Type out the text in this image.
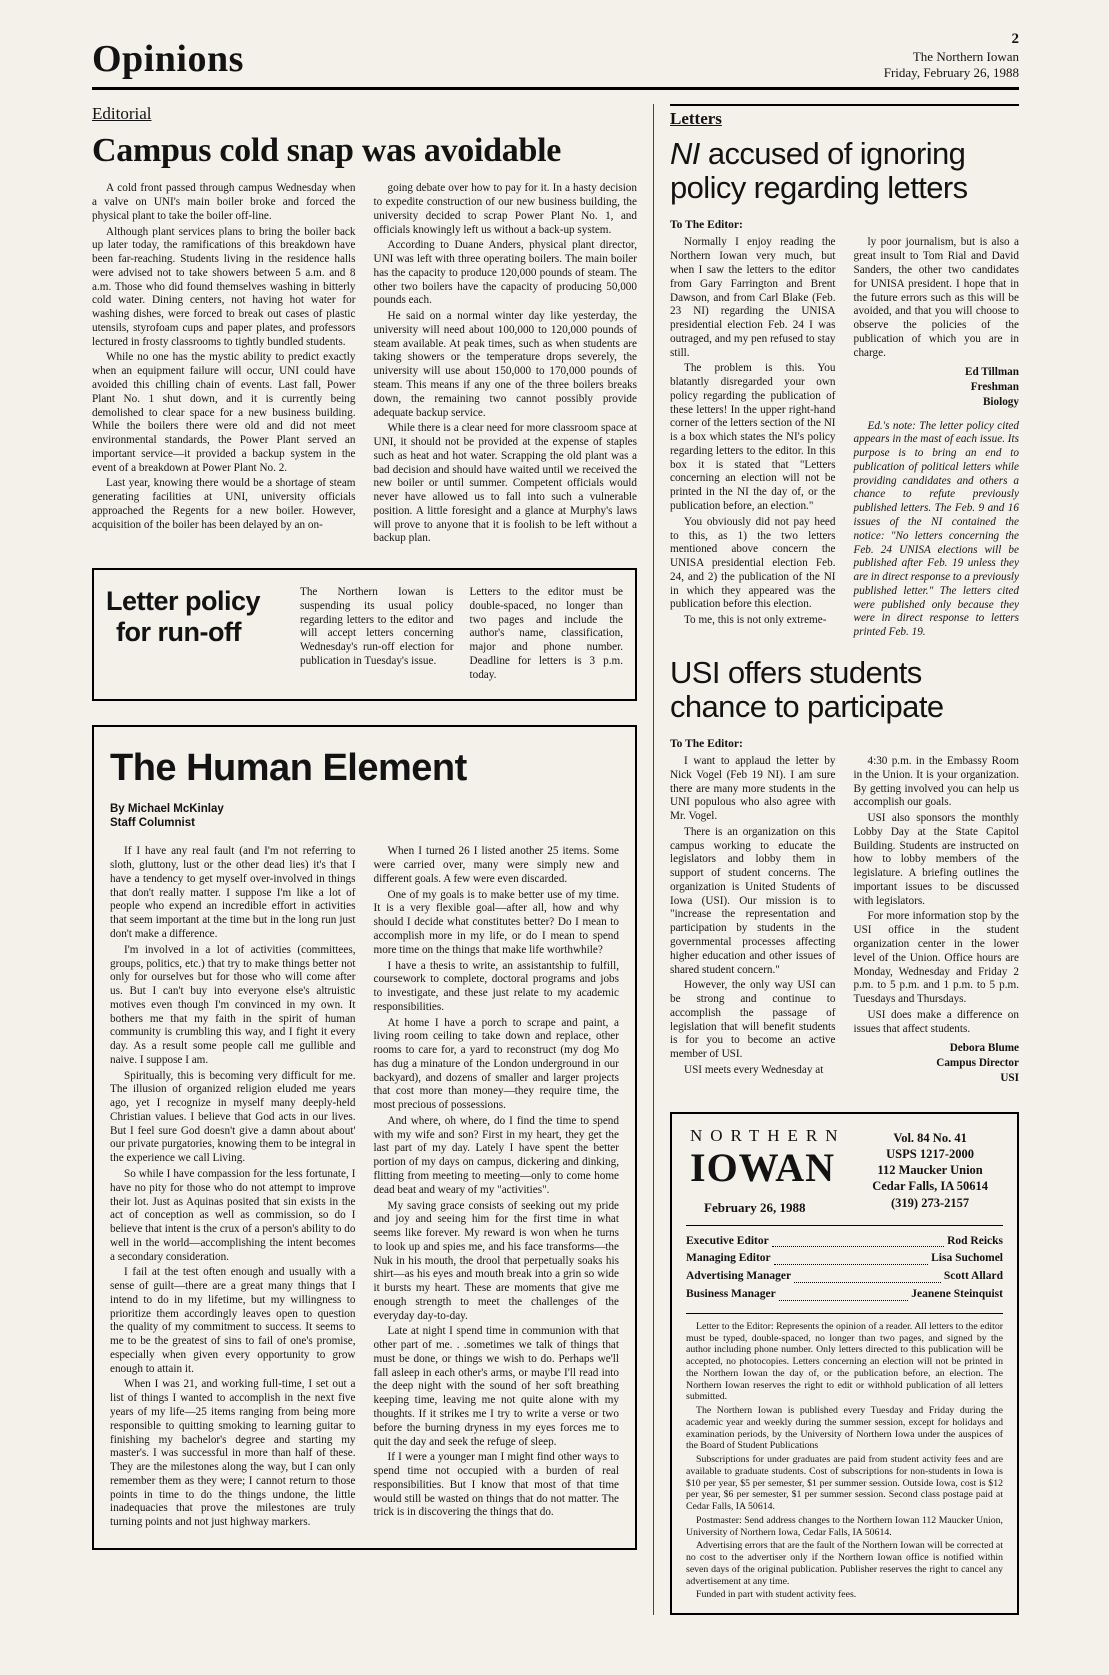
Opinions	2
The Northern Iowan
Friday, February 26, 1988
Editorial
Campus cold snap was avoidable

A cold front passed through campus Wednesday when a valve on UNI's main boiler broke and forced the physical plant to take the boiler off-line.

Although plant services plans to bring the boiler back up later today, the ramifications of this breakdown have been far-reaching. Students living in the residence halls were advised not to take showers between 5 a.m. and 8 a.m. Those who did found themselves washing in bitterly cold water. Dining centers, not having hot water for washing dishes, were forced to break out cases of plastic utensils, styrofoam cups and paper plates, and professors lectured in frosty classrooms to tightly bundled students.

While no one has the mystic ability to predict exactly when an equipment failure will occur, UNI could have avoided this chilling chain of events. Last fall, Power Plant No. 1 shut down, and it is currently being demolished to clear space for a new business building. While the boilers there were old and did not meet environmental standards, the Power Plant served an important service—it provided a backup system in the event of a breakdown at Power Plant No. 2.

Last year, knowing there would be a shortage of steam generating facilities at UNI, university officials approached the Regents for a new boiler. However, acquisition of the boiler has been delayed by an on-

going debate over how to pay for it. In a hasty decision to expedite construction of our new business building, the university decided to scrap Power Plant No. 1, and officials knowingly left us without a back-up system.

According to Duane Anders, physical plant director, UNI was left with three operating boilers. The main boiler has the capacity to produce 120,000 pounds of steam. The other two boilers have the capacity of producing 50,000 pounds each.

He said on a normal winter day like yesterday, the university will need about 100,000 to 120,000 pounds of steam available. At peak times, such as when students are taking showers or the temperature drops severely, the university will use about 150,000 to 170,000 pounds of steam. This means if any one of the three boilers breaks down, the remaining two cannot possibly provide adequate backup service.

While there is a clear need for more classroom space at UNI, it should not be provided at the expense of staples such as heat and hot water. Scrapping the old plant was a bad decision and should have waited until we received the new boiler or until summer. Competent officials would never have allowed us to fall into such a vulnerable position. A little foresight and a glance at Murphy's laws will prove to anyone that it is foolish to be left without a backup plan.

Letter policy
for run-off

The Northern Iowan is suspending its usual policy regarding letters to the editor and will accept letters concerning Wednesday's run-off election for publication in Tuesday's issue.

Letters to the editor must be double-spaced, no longer than two pages and include the author's name, classification, major and phone number. Deadline for letters is 3 p.m. today.

The Human Element
By Michael McKinlay
Staff Columnist

If I have any real fault (and I'm not referring to sloth, gluttony, lust or the other dead lies) it's that I have a tendency to get myself over-involved in things that don't really matter. I suppose I'm like a lot of people who expend an incredible effort in activities that seem important at the time but in the long run just don't make a difference.

I'm involved in a lot of activities (committees, groups, politics, etc.) that try to make things better not only for ourselves but for those who will come after us. But I can't buy into everyone else's altruistic motives even though I'm convinced in my own. It bothers me that my faith in the spirit of human community is crumbling this way, and I fight it every day. As a result some people call me gullible and naive. I suppose I am.

Spiritually, this is becoming very difficult for me. The illusion of organized religion eluded me years ago, yet I recognize in myself many deeply-held Christian values. I believe that God acts in our lives. But I feel sure God doesn't give a damn about about' our private purgatories, knowing them to be integral in the experience we call Living.

So while I have compassion for the less fortunate, I have no pity for those who do not attempt to improve their lot. Just as Aquinas posited that sin exists in the act of conception as well as commission, so do I believe that intent is the crux of a person's ability to do well in the world—accomplishing the intent becomes a secondary consideration.

I fail at the test often enough and usually with a sense of guilt—there are a great many things that I intend to do in my lifetime, but my willingness to prioritize them accordingly leaves open to question the quality of my commitment to success. It seems to me to be the greatest of sins to fail of one's promise, especially when given every opportunity to grow enough to attain it.

When I was 21, and working full-time, I set out a list of things I wanted to accomplish in the next five years of my life—25 items ranging from being more responsible to quitting smoking to learning guitar to finishing my bachelor's degree and starting my master's. I was successful in more than half of these. They are the milestones along the way, but I can only remember them as they were; I cannot return to those points in time to do the things undone, the little inadequacies that prove the milestones are truly turning points and not just highway markers.

When I turned 26 I listed another 25 items. Some were carried over, many were simply new and different goals. A few were even discarded.

One of my goals is to make better use of my time. It is a very flexible goal—after all, how and why should I decide what constitutes better? Do I mean to accomplish more in my life, or do I mean to spend more time on the things that make life worthwhile?

I have a thesis to write, an assistantship to fulfill, coursework to complete, doctoral programs and jobs to investigate, and these just relate to my academic responsibilities.

At home I have a porch to scrape and paint, a living room ceiling to take down and replace, other rooms to care for, a yard to reconstruct (my dog Mo has dug a minature of the London underground in our backyard), and dozens of smaller and larger projects that cost more than money—they require time, the most precious of possessions.

And where, oh where, do I find the time to spend with my wife and son? First in my heart, they get the last part of my day. Lately I have spent the better portion of my days on campus, dickering and dinking, flitting from meeting to meeting—only to come home dead beat and weary of my "activities".

My saving grace consists of seeking out my pride and joy and seeing him for the first time in what seems like forever. My reward is won when he turns to look up and spies me, and his face transforms—the Nuk in his mouth, the drool that perpetually soaks his shirt—as his eyes and mouth break into a grin so wide it bursts my heart. These are moments that give me enough strength to meet the challenges of the everyday day-to-day.

Late at night I spend time in communion with that other part of me. . .sometimes we talk of things that must be done, or things we wish to do. Perhaps we'll fall asleep in each other's arms, or maybe I'll read into the deep night with the sound of her soft breathing keeping time, leaving me not quite alone with my thoughts. If it strikes me I try to write a verse or two before the burning dryness in my eyes forces me to quit the day and seek the refuge of sleep.

If I were a younger man I might find other ways to spend time not occupied with a burden of real responsibilities. But I know that most of that time would still be wasted on things that do not matter. The trick is in discovering the things that do.

Letters
NI accused of ignoring
policy regarding letters
To The Editor:

Normally I enjoy reading the Northern Iowan very much, but when I saw the letters to the editor from Gary Farrington and Brent Dawson, and from Carl Blake (Feb. 23 NI) regarding the UNISA presidential election Feb. 24 I was outraged, and my pen refused to stay still.

The problem is this. You blatantly disregarded your own policy regarding the publication of these letters! In the upper right-hand corner of the letters section of the NI is a box which states the NI's policy regarding letters to the editor. In this box it is stated that "Letters concerning an election will not be printed in the NI the day of, or the publication before, an election."

You obviously did not pay heed to this, as 1) the two letters mentioned above concern the UNISA presidential election Feb. 24, and 2) the publication of the NI in which they appeared was the publication before this election.

To me, this is not only extreme-

ly poor journalism, but is also a great insult to Tom Rial and David Sanders, the other two candidates for UNISA president. I hope that in the future errors such as this will be avoided, and that you will choose to observe the policies of the publication of which you are in charge.

Ed Tillman

Freshman

Biology

Ed.'s note: The letter policy cited appears in the mast of each issue. Its purpose is to bring an end to publication of political letters while providing candidates and others a chance to refute previously published letters. The Feb. 9 and 16 issues of the NI contained the notice: "No letters concerning the Feb. 24 UNISA elections will be published after Feb. 19 unless they are in direct response to a previously published letter." The letters cited were published only because they were in direct response to letters printed Feb. 19.

USI offers students
chance to participate
To The Editor:

I want to applaud the letter by Nick Vogel (Feb 19 NI). I am sure there are many more students in the UNI populous who also agree with Mr. Vogel.

There is an organization on this campus working to educate the legislators and lobby them in support of student concerns. The organization is United Students of Iowa (USI). Our mission is to "increase the representation and participation by students in the governmental processes affecting higher education and other issues of shared student concern."

However, the only way USI can be strong and continue to accomplish the passage of legislation that will benefit students is for you to become an active member of USI.

USI meets every Wednesday at

4:30 p.m. in the Embassy Room in the Union. It is your organization. By getting involved you can help us accomplish our goals.

USI also sponsors the monthly Lobby Day at the State Capitol Building. Students are instructed on how to lobby members of the legislature. A briefing outlines the important issues to be discussed with legislators.

For more information stop by the USI office in the student organization center in the lower level of the Union. Office hours are Monday, Wednesday and Friday 2 p.m. to 5 p.m. and 1 p.m. to 5 p.m. Tuesdays and Thursdays.

USI does make a difference on issues that affect students.

Debora Blume

Campus Director

USI

NORTHERN
IOWAN
February 26, 1988

Vol. 84 No. 41

USPS 1217-2000

112 Maucker Union

Cedar Falls, IA 50614

(319) 273-2157

Executive Editor	Rod Reicks
Managing Editor	Lisa Suchomel
Advertising Manager	Scott Allard
Business Manager	Jeanene Steinquist

Letter to the Editor: Represents the opinion of a reader. All letters to the editor must be typed, double-spaced, no longer than two pages, and signed by the author including phone number. Only letters directed to this publication will be accepted, no photocopies. Letters concerning an election will not be printed in the Northern Iowan the day of, or the publication before, an election. The Northern Iowan reserves the right to edit or withhold publication of all letters submitted.

The Northern Iowan is published every Tuesday and Friday during the academic year and weekly during the summer session, except for holidays and examination periods, by the University of Northern Iowa under the auspices of the Board of Student Publications

Subscriptions for under graduates are paid from student activity fees and are available to graduate students. Cost of subscriptions for non-students in Iowa is $10 per year, $5 per semester, $1 per summer session. Outside Iowa, cost is $12 per year, $6 per semester, $1 per summer session. Second class postage paid at Cedar Falls, IA 50614.

Postmaster: Send address changes to the Northern Iowan 112 Maucker Union, University of Northern Iowa, Cedar Falls, IA 50614.

Advertising errors that are the fault of the Northern Iowan will be corrected at no cost to the advertiser only if the Northern Iowan office is notified within seven days of the original publication. Publisher reserves the right to cancel any advertisement at any time.

Funded in part with student activity fees.
